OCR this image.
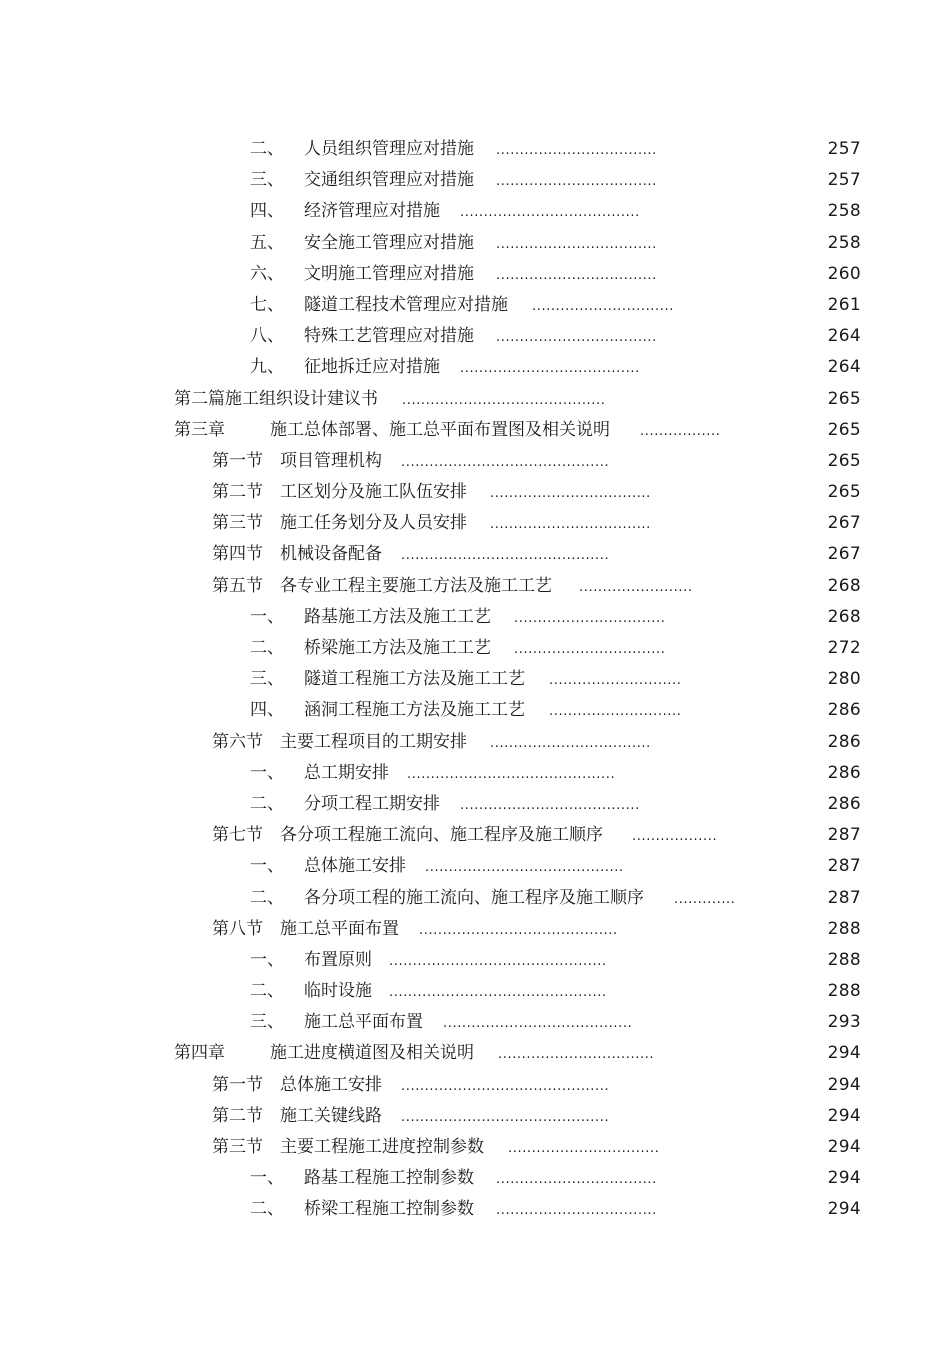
二、 人员组织管理应对措施 ..................................	257
三、 交通组织管理应对措施 ..................................	257
四、 经济管理应对措施 ......................................	258
五、 安全施工管理应对措施 ..................................	258
六、 文明施工管理应对措施 ..................................	260
七、 隧道工程技术管理应对措施 ..............................	261
八、 特殊工艺管理应对措施 ..................................	264
九、 征地拆迁应对措施 ......................................	264
第二篇施工组织设计建议书 ...........................................	265
第三章	施工总体部署、施工总平面布置图及相关说明 .................	265
第一节 项目管理机构 ............................................	265
第二节 工区划分及施工队伍安排 ..................................	265
第三节 施工任务划分及人员安排 ..................................	267
第四节 机械设备配备 ............................................	267
第五节 各专业工程主要施工方法及施工工艺 ........................	268
一、 路基施工方法及施工工艺 ................................	268
二、 桥梁施工方法及施工工艺 ................................	272
三、 隧道工程施工方法及施工工艺 ............................	280
四、 涵洞工程施工方法及施工工艺 ............................	286
第六节 主要工程项目的工期安排 ..................................	286
一、 总工期安排 ............................................	286
二、 分项工程工期安排 ......................................	286
第七节 各分项工程施工流向、施工程序及施工顺序 ..................	287
一、 总体施工安排 ..........................................	287
二、 各分项工程的施工流向、施工程序及施工顺序 .............	287
第八节 施工总平面布置 ..........................................	288
一、 布置原则 ..............................................	288
二、 临时设施 ..............................................	288
三、 施工总平面布置 ........................................	293
第四章	施工进度横道图及相关说明 .................................	294
第一节 总体施工安排 ............................................	294
第二节 施工关键线路 ............................................	294
第三节 主要工程施工进度控制参数 ................................	294
一、 路基工程施工控制参数 ..................................	294
二、 桥梁工程施工控制参数 ..................................	294
